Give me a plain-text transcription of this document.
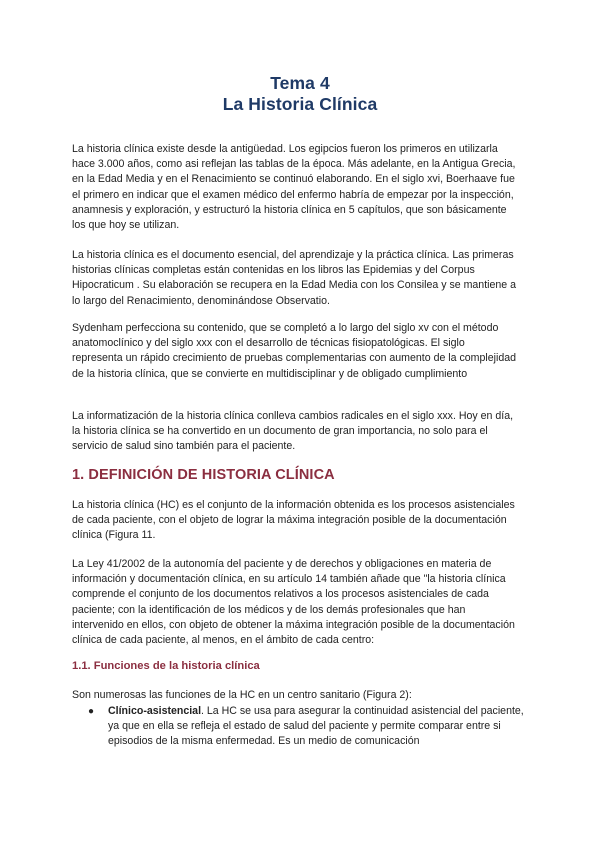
Tema 4
La Historia Clínica

La historia clínica existe desde la antigüedad. Los egipcios fueron los primeros en utilizarla hace 3.000 años, como asi reflejan las tablas de la época. Más adelante, en la Antigua Grecia, en la Edad Media y en el Renacimiento se continuó elaborando. En el siglo xvi, Boerhaave fue el primero en indicar que el examen médico del enfermo habría de empezar por la inspección, anamnesis y exploración, y estructuró la historia clínica en 5 capítulos, que son básicamente los que hoy se utilizan.

La historia clínica es el documento esencial, del aprendizaje y la práctica clínica. Las primeras historias clínicas completas están contenidas en los libros las Epidemias y del Corpus Hipocraticum . Su elaboración se recupera en la Edad Media con los Consilea y se mantiene a lo largo del Renacimiento, denominándose Observatio.

Sydenham perfecciona su contenido, que se completó a lo largo del siglo xv con el método anatomoclínico y del siglo xxx con el desarrollo de técnicas fisiopatológicas. El siglo representa un rápido crecimiento de pruebas complementarias con aumento de la complejidad de la historia clínica, que se convierte en multidisciplinar y de obligado cumplimiento

La informatización de la historia clínica conlleva cambios radicales en el siglo xxx. Hoy en día, la historia clínica se ha convertido en un documento de gran importancia, no solo para el servicio de salud sino también para el paciente.

1. DEFINICIÓN DE HISTORIA CLÍNICA

La historia clínica (HC) es el conjunto de la información obtenida es los procesos asistenciales de cada paciente, con el objeto de lograr la máxima integración posible de la documentación clínica (Figura 11.

La Ley 41/2002 de la autonomía del paciente y de derechos y obligaciones en materia de información y documentación clínica, en su artículo 14 también añade que "la historia clínica comprende el conjunto de los documentos relativos a los procesos asistenciales de cada paciente; con la identificación de los médicos y de los demás profesionales que han intervenido en ellos, con objeto de obtener la máxima integración posible de la documentación clínica de cada paciente, al menos, en el ámbito de cada centro:

1.1. Funciones de la historia clínica

Son numerosas las funciones de la HC en un centro sanitario (Figura 2):

● Clínico-asistencial. La HC se usa para asegurar la continuidad asistencial del paciente, ya que en ella se refleja el estado de salud del paciente y permite comparar entre si episodios de la misma enfermedad. Es un medio de comunicación
